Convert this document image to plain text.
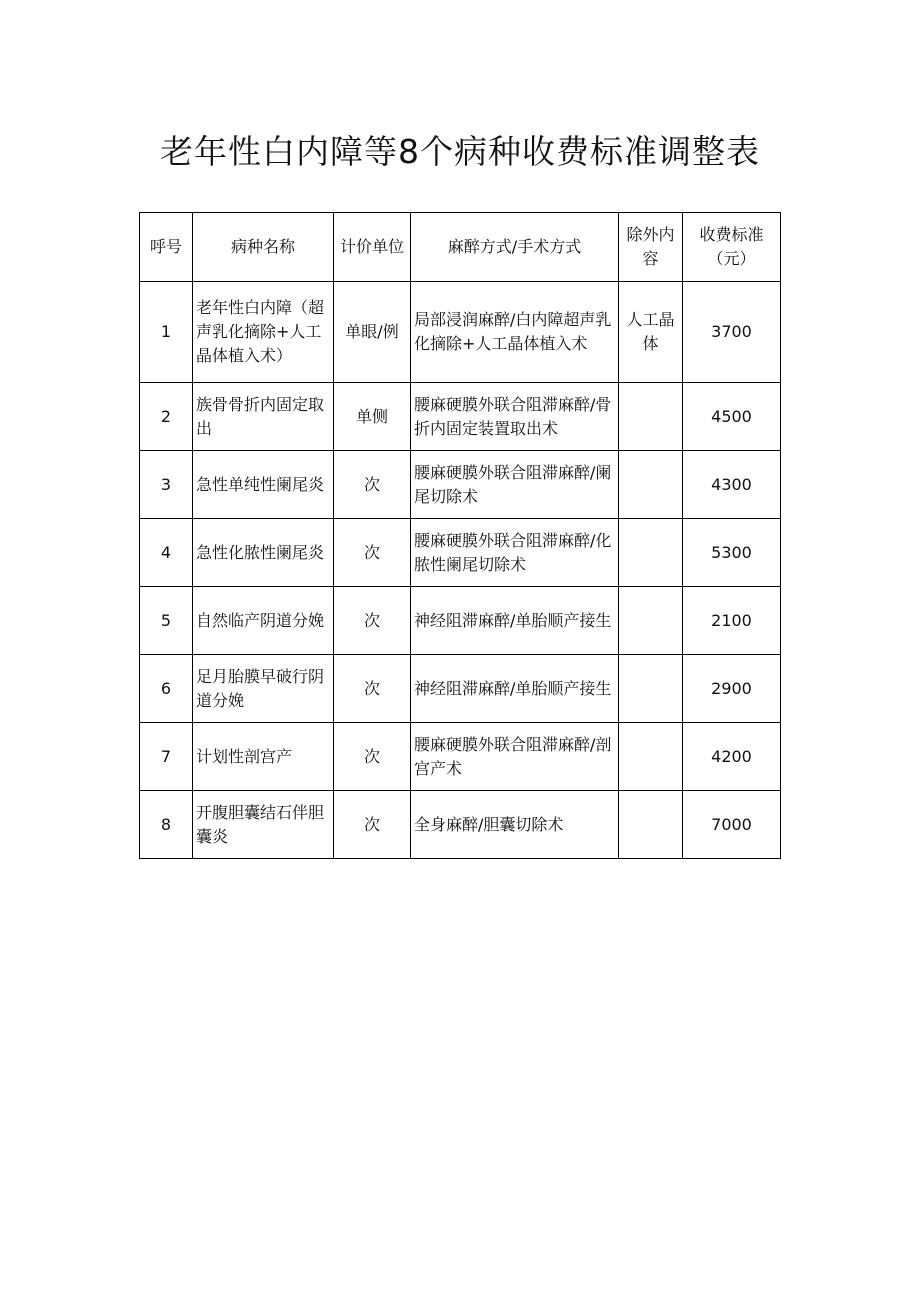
老年性白内障等8个病种收费标准调整表
呼号	病种名称	计价单位	麻醉方式/手术方式	除外内容	收费标准（元）
1	老年性白内障（超声乳化摘除+人工晶体植入术）	单眼/例	局部浸润麻醉/白内障超声乳化摘除+人工晶体植入术	人工晶体	3700
2	族骨骨折内固定取出	单侧	腰麻硬膜外联合阻滞麻醉/骨折内固定装置取出术		4500
3	急性单纯性阑尾炎	次	腰麻硬膜外联合阻滞麻醉/阑尾切除术		4300
4	急性化脓性阑尾炎	次	腰麻硬膜外联合阻滞麻醉/化脓性阑尾切除术		5300
5	自然临产阴道分娩	次	神经阻滞麻醉/单胎顺产接生		2100
6	足月胎膜早破行阴道分娩	次	神经阻滞麻醉/单胎顺产接生		2900
7	计划性剖宫产	次	腰麻硬膜外联合阻滞麻醉/剖宫产术		4200
8	开腹胆囊结石伴胆囊炎	次	全身麻醉/胆囊切除术		7000
